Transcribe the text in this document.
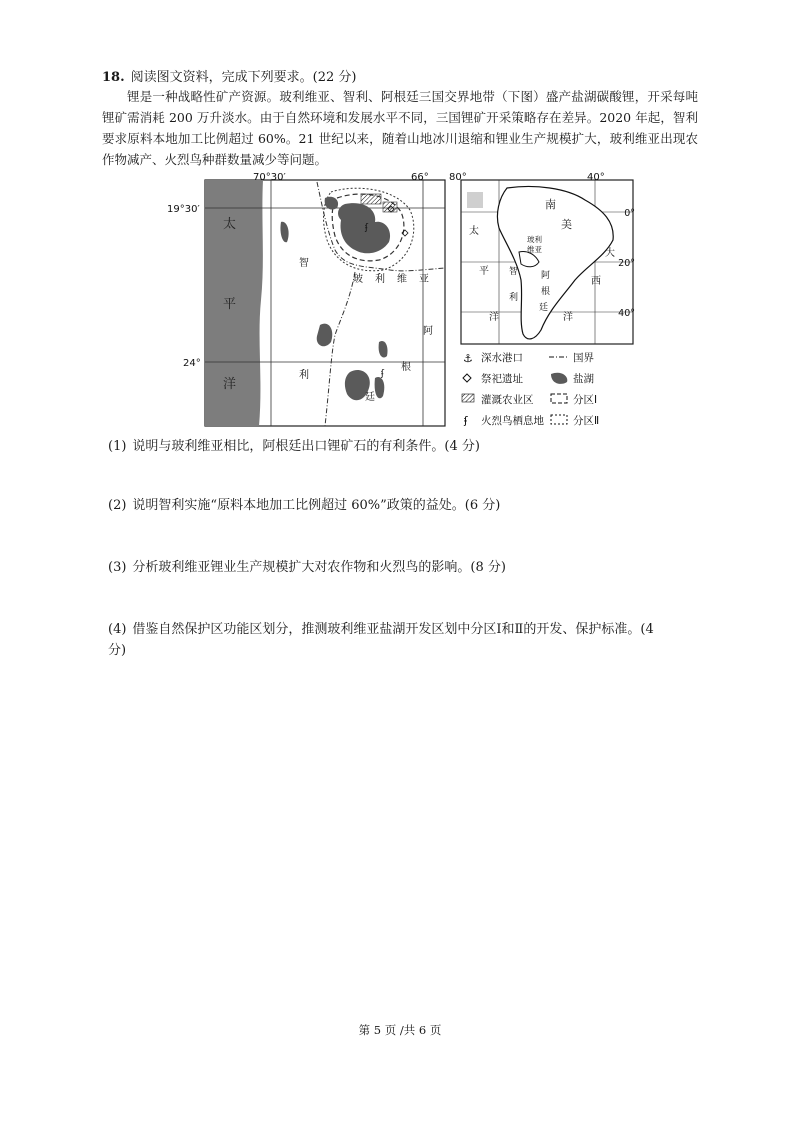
18. 阅读图文资料，完成下列要求。(22 分)
锂是一种战略性矿产资源。玻利维亚、智利、阿根廷三国交界地带（下图）盛产盐湖碳酸锂，开采每吨锂矿需消耗 200 万升淡水。由于自然环境和发展水平不同，三国锂矿开采策略存在差异。2020 年起，智利要求原料本地加工比例超过 60%。21 世纪以来，随着山地冰川退缩和锂业生产规模扩大，玻利维亚出现农作物减产、火烈鸟种群数量减少等问题。
ʄ
ʄ
70°30′	66°
19°30′
24°
太
平
洋
智
利
玻 利 维 亚
阿
根
廷
80°	40°
0°
20°
40°
南
美
玻利
维亚
智
利
阿
根
廷
太
平
洋
大
西
洋
⚓ 深水港口	国界
祭祀遗址	盐湖
灌溉农业区	分区Ⅰ
ʄ 火烈鸟栖息地	分区Ⅱ
(1) 说明与玻利维亚相比，阿根廷出口锂矿石的有利条件。(4 分)
(2) 说明智利实施“原料本地加工比例超过 60%”政策的益处。(6 分)
(3) 分析玻利维亚锂业生产规模扩大对农作物和火烈鸟的影响。(8 分)
(4) 借鉴自然保护区功能区划分，推测玻利维亚盐湖开发区划中分区Ⅰ和Ⅱ的开发、保护标准。(4
分)
第 5 页 /共 6 页
